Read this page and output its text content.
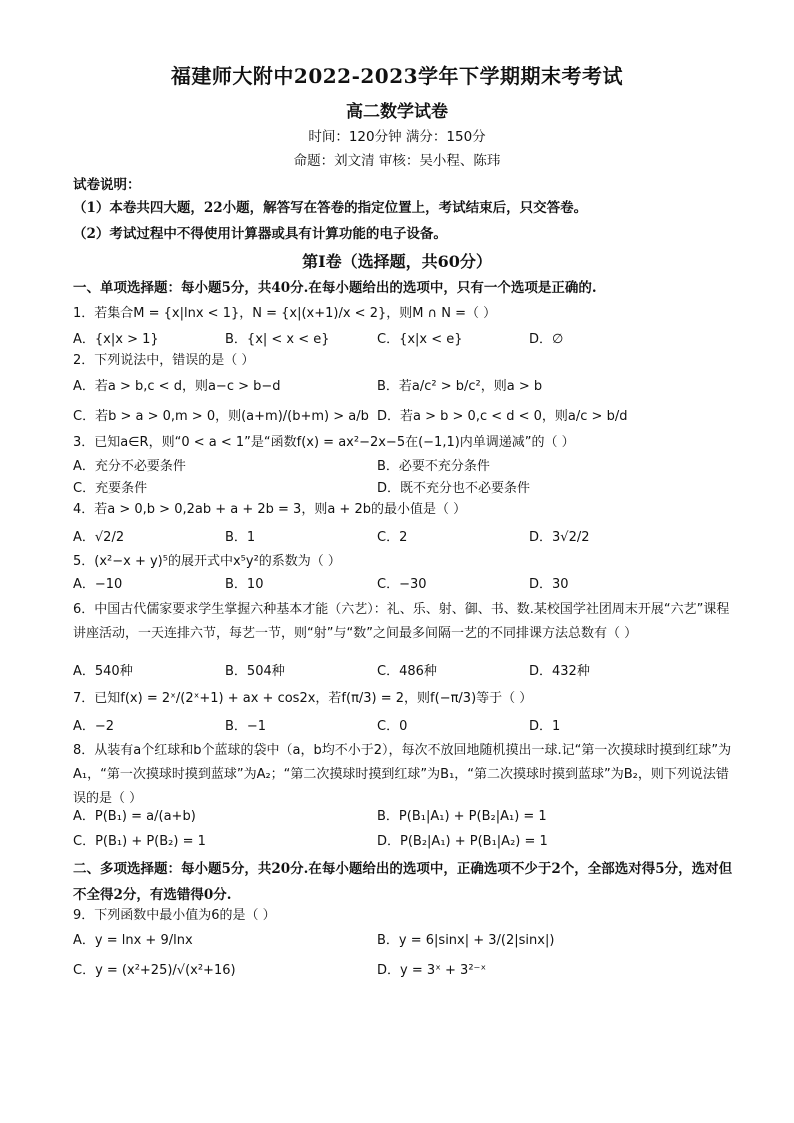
福建师大附中2022-2023学年下学期期末考考试
高二数学试卷
时间：120分钟 满分：150分
命题：刘文清 审核：吴小程、陈玮
试卷说明：
（1）本卷共四大题，22小题，解答写在答卷的指定位置上，考试结束后，只交答卷。
（2）考试过程中不得使用计算器或具有计算功能的电子设备。
第Ⅰ卷（选择题，共60分）
一、单项选择题：每小题5分，共40分.在每小题给出的选项中，只有一个选项是正确的.
1．若集合M = {x|lnx < 1}，N = {x|(x+1)/x < 2}，则M ∩ N =（ ）
A．{x|x > 1}	B．{x| < x < e}	C．{x|x < e}	D．∅
2．下列说法中，错误的是（ ）
A．若a > b,c < d，则a−c > b−d	B．若a/c² > b/c²，则a > b
C．若b > a > 0,m > 0，则(a+m)/(b+m) > a/b D．若a > b > 0,c < d < 0，则a/c > b/d
3．已知a∈R，则“0 < a < 1”是“函数f(x) = ax²−2x−5在(−1,1)内单调递减”的（ ）
A．充分不必要条件	B．必要不充分条件
C．充要条件	D．既不充分也不必要条件
4．若a > 0,b > 0,2ab + a + 2b = 3，则a + 2b的最小值是（ ）
A．√2/2	B．1	C．2	D．3√2/2
5．(x²−x + y)⁵的展开式中x⁵y²的系数为（ ）
A．−10	B．10	C．−30	D．30
6．中国古代儒家要求学生掌握六种基本才能（六艺）：礼、乐、射、御、书、数.某校国学社团周末开展“六艺”课程讲座活动，一天连排六节，每艺一节，则“射”与“数”之间最多间隔一艺的不同排课方法总数有（ ）
A．540种	B．504种	C．486种	D．432种
7．已知f(x) = 2ˣ/(2ˣ+1) + ax + cos2x，若f(π/3) = 2，则f(−π/3)等于（ ）
A．−2	B．−1	C．0	D．1
8．从装有a个红球和b个蓝球的袋中（a，b均不小于2），每次不放回地随机摸出一球.记“第一次摸球时摸到红球”为A₁，“第一次摸球时摸到蓝球”为A₂；“第二次摸球时摸到红球”为B₁，“第二次摸球时摸到蓝球”为B₂，则下列说法错误的是（ ）
A．P(B₁) = a/(a+b)	B．P(B₁|A₁) + P(B₂|A₁) = 1
C．P(B₁) + P(B₂) = 1	D．P(B₂|A₁) + P(B₁|A₂) = 1
二、多项选择题：每小题5分，共20分.在每小题给出的选项中，正确选项不少于2个，全部选对得5分，选对但不全得2分，有选错得0分.
9．下列函数中最小值为6的是（ ）
A．y = lnx + 9/lnx	B．y = 6|sinx| + 3/(2|sinx|)
C．y = (x²+25)/√(x²+16)	D．y = 3ˣ + 3²⁻ˣ
